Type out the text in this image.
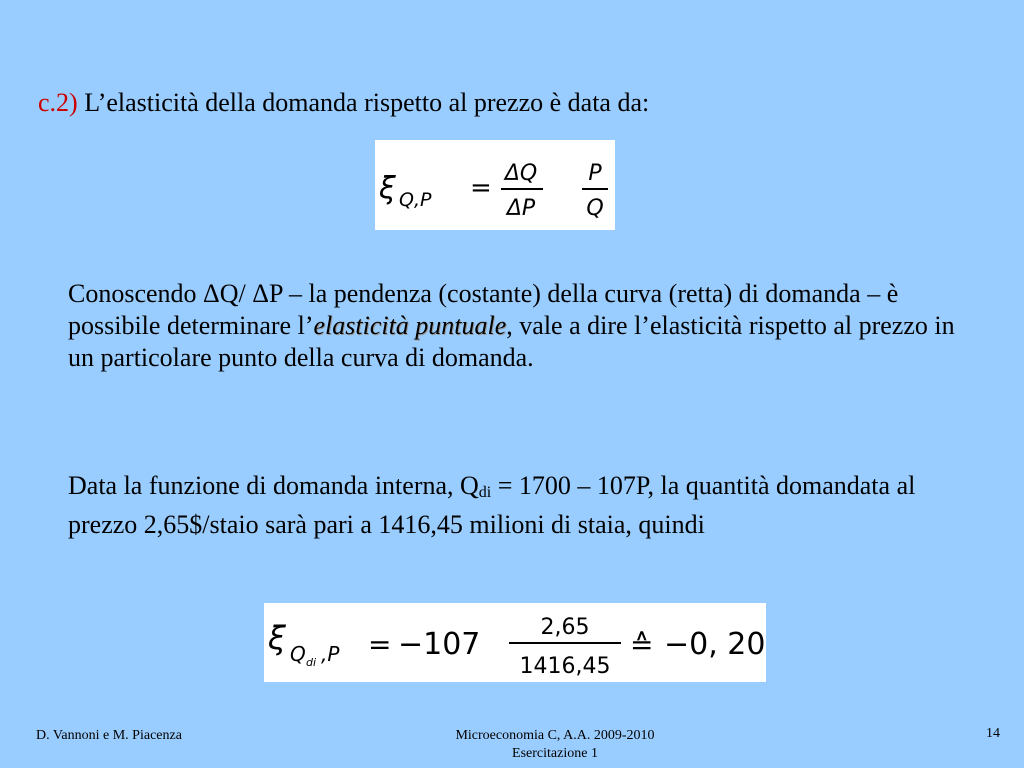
c.2) L’elasticità della domanda rispetto al prezzo è data da:
ξ Q,P = ΔQ
ΔP
P
Q
Conoscendo ΔQ/ ΔP – la pendenza (costante) della curva (retta) di domanda – è possibile determinare l’elasticità puntuale, vale a dire l’elasticità rispetto al prezzo in un particolare punto della curva di domanda.
Data la funzione di domanda interna, $Q_{di} = 1700 - 107P$, la quantità domandata al prezzo 2,65$/staio sarà pari a 1416,45 milioni di staia, quindi
ξ Q di ,P = −107	2,65
1416,45
≙ −0, 20
D. Vannoni e M. Piacenza	Microeconomia C, A.A. 2009-2010
Esercitazione 1
14
